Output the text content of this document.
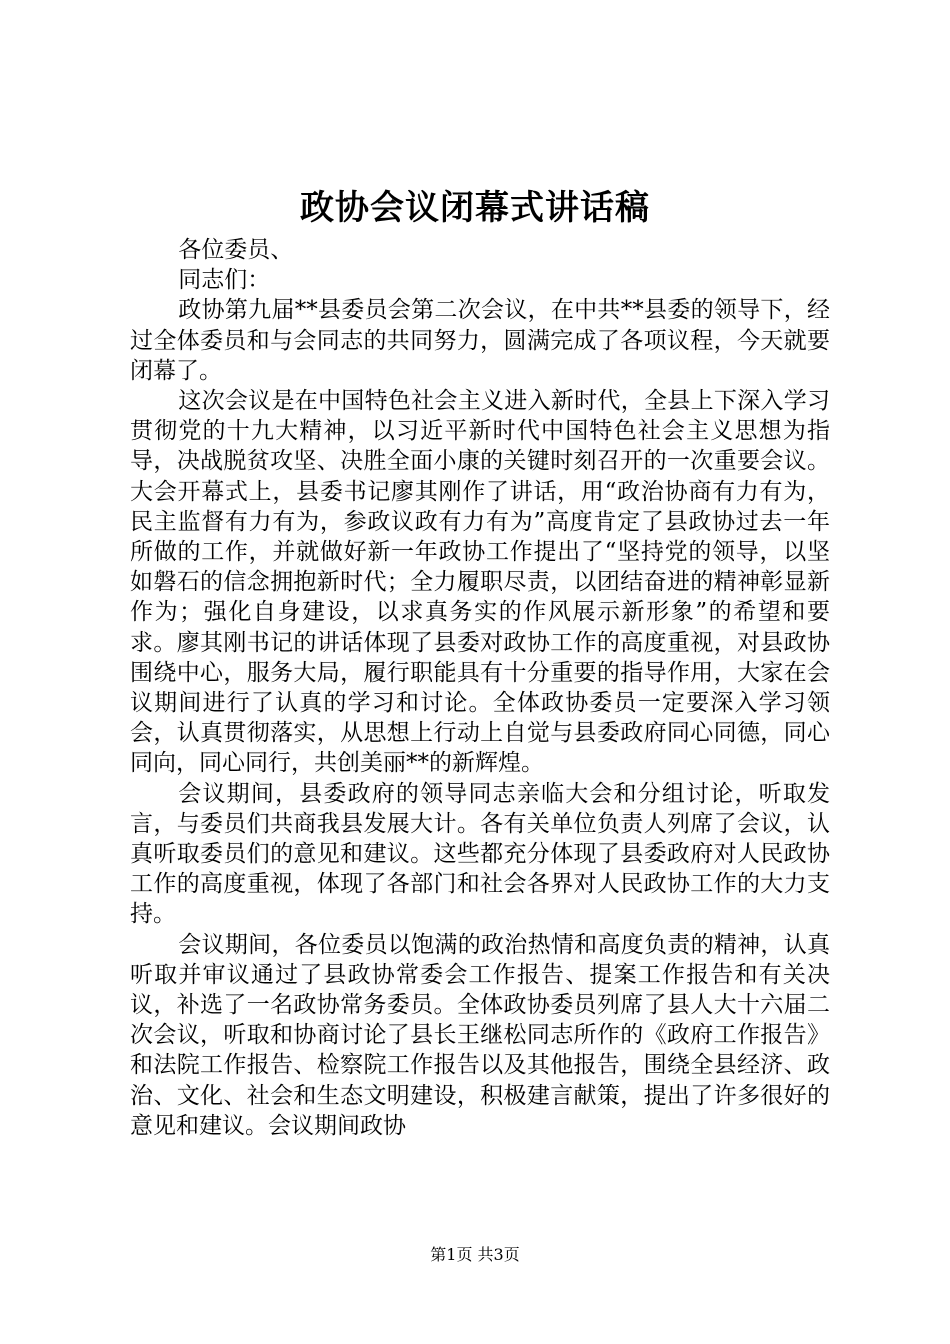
政协会议闭幕式讲话稿

各位委员、

同志们：

政协第九届**县委员会第二次会议，在中共**县委的领导下，经过全体委员和与会同志的共同努力，圆满完成了各项议程，今天就要闭幕了。

这次会议是在中国特色社会主义进入新时代，全县上下深入学习贯彻党的十九大精神，以习近平新时代中国特色社会主义思想为指导，决战脱贫攻坚、决胜全面小康的关键时刻召开的一次重要会议。大会开幕式上，县委书记廖其刚作了讲话，用“政治协商有力有为，民主监督有力有为，参政议政有力有为”高度肯定了县政协过去一年所做的工作，并就做好新一年政协工作提出了“坚持党的领导，以坚如磐石的信念拥抱新时代；全力履职尽责，以团结奋进的精神彰显新作为；强化自身建设，以求真务实的作风展示新形象”的希望和要求。廖其刚书记的讲话体现了县委对政协工作的高度重视，对县政协围绕中心，服务大局，履行职能具有十分重要的指导作用，大家在会议期间进行了认真的学习和讨论。全体政协委员一定要深入学习领会，认真贯彻落实，从思想上行动上自觉与县委政府同心同德，同心同向，同心同行，共创美丽**的新辉煌。

会议期间，县委政府的领导同志亲临大会和分组讨论，听取发言，与委员们共商我县发展大计。各有关单位负责人列席了会议，认真听取委员们的意见和建议。这些都充分体现了县委政府对人民政协工作的高度重视，体现了各部门和社会各界对人民政协工作的大力支持。

会议期间，各位委员以饱满的政治热情和高度负责的精神，认真听取并审议通过了县政协常委会工作报告、提案工作报告和有关决议，补选了一名政协常务委员。全体政协委员列席了县人大十六届二次会议，听取和协商讨论了县长王继松同志所作的《政府工作报告》和法院工作报告、检察院工作报告以及其他报告，围绕全县经济、政治、文化、社会和生态文明建设，积极建言献策，提出了许多很好的意见和建议。会议期间政协

第1页 共3页
